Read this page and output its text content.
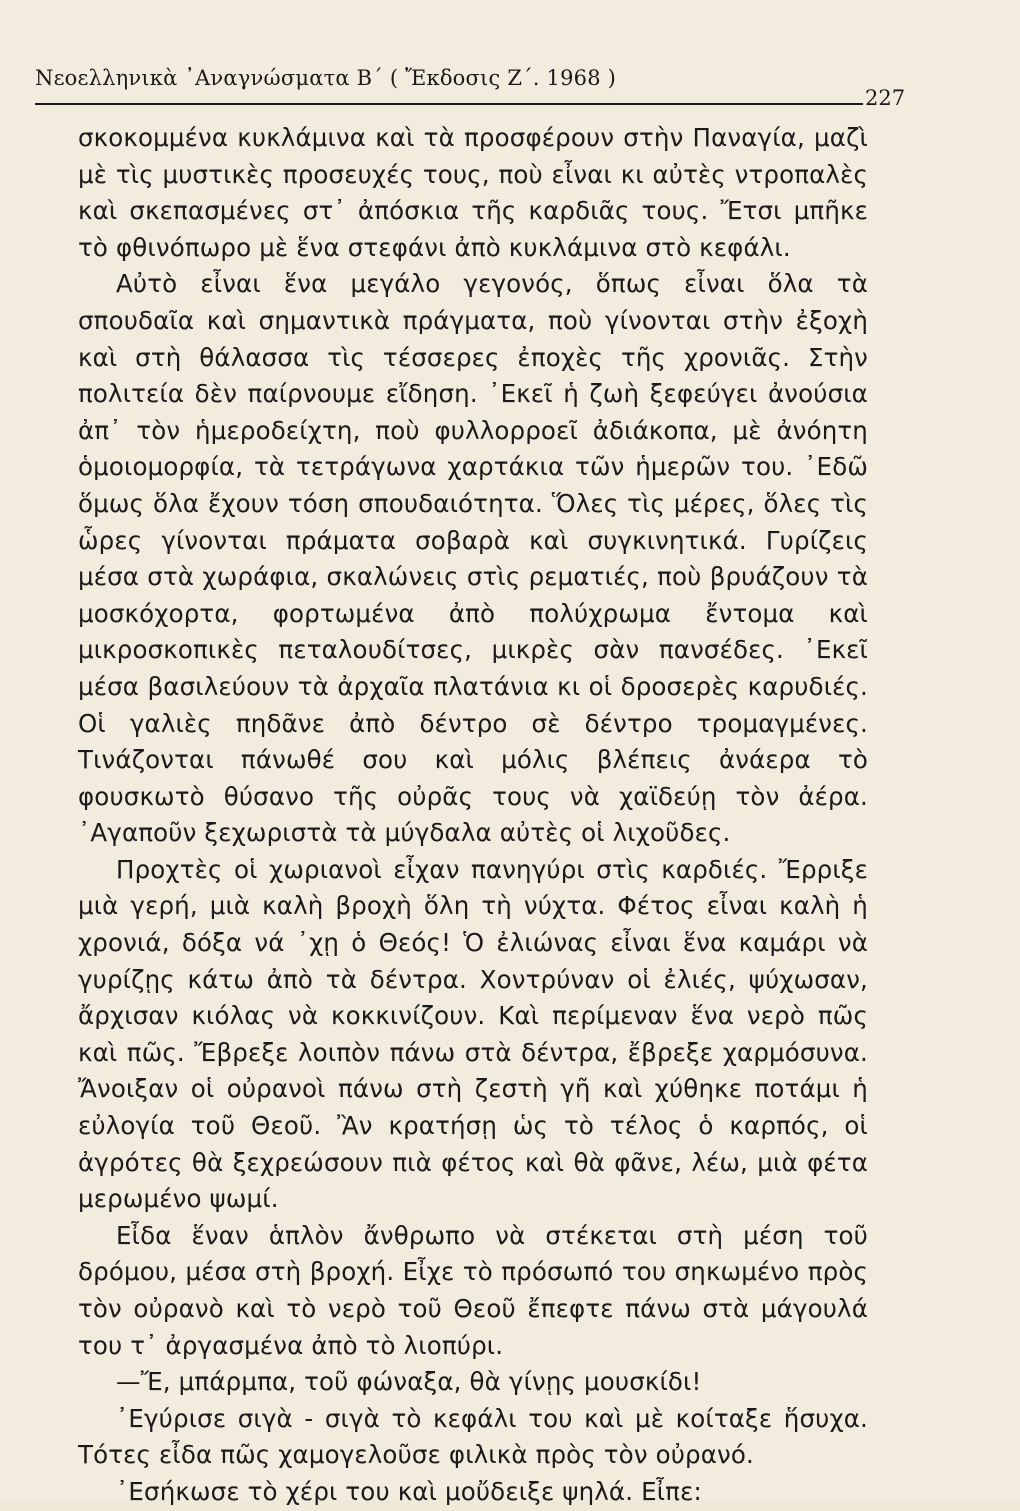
Νεοελληνικὰ ᾿Αναγνώσματα Β΄ ( Ἔκδοσις Ζ΄. 1968 )
227

σκοκομμένα κυκλάμινα καὶ τὰ προσφέρουν στὴν Παναγία, μαζὶ μὲ τὶς μυστικὲς προσευχές τους, ποὺ εἶναι κι αὐτὲς ντροπαλὲς καὶ σκεπασμένες στ᾿ ἀπόσκια τῆς καρδιᾶς τους. Ἔτσι μπῆκε τὸ φθινόπωρο μὲ ἕνα στεφάνι ἀπὸ κυκλάμινα στὸ κεφάλι.

Αὐτὸ εἶναι ἕνα μεγάλο γεγονός, ὅπως εἶναι ὅλα τὰ σπουδαῖα καὶ σημαντικὰ πράγματα, ποὺ γίνονται στὴν ἐξοχὴ καὶ στὴ θάλασσα τὶς τέσσερες ἐποχὲς τῆς χρονιᾶς. Στὴν πολιτεία δὲν παίρνουμε εἴδηση. ᾿Εκεῖ ἡ ζωὴ ξεφεύγει ἀνούσια ἀπ᾿ τὸν ἡμεροδείχτη, ποὺ φυλλορροεῖ ἀδιάκοπα, μὲ ἀνόητη ὁμοιομορφία, τὰ τετράγωνα χαρτάκια τῶν ἡμερῶν του. ᾿Εδῶ ὅμως ὅλα ἔχουν τόση σπουδαιότητα. Ὅλες τὶς μέρες, ὅλες τὶς ὧρες γίνονται πράματα σοβαρὰ καὶ συγκινητικά. Γυρίζεις μέσα στὰ χωράφια, σκαλώνεις στὶς ρεματιές, ποὺ βρυάζουν τὰ μοσκόχορτα, φορτωμένα ἀπὸ πολύχρωμα ἔντομα καὶ μικροσκοπικὲς πεταλουδίτσες, μικρὲς σὰν πανσέδες. ᾿Εκεῖ μέσα βασιλεύουν τὰ ἀρχαῖα πλατάνια κι οἱ δροσερὲς καρυδιές. Οἱ γαλιὲς πηδᾶνε ἀπὸ δέντρο σὲ δέντρο τρομαγμένες. Τινάζονται πάνωθέ σου καὶ μόλις βλέπεις ἀνάερα τὸ φουσκωτὸ θύσανο τῆς οὐρᾶς τους νὰ χαϊδεύῃ τὸν ἀέρα. ᾿Αγαποῦν ξεχωριστὰ τὰ μύγδαλα αὐτὲς οἱ λιχοῦδες.

Προχτὲς οἱ χωριανοὶ εἶχαν πανηγύρι στὶς καρδιές. Ἔρριξε μιὰ γερή, μιὰ καλὴ βροχὴ ὅλη τὴ νύχτα. Φέτος εἶναι καλὴ ἡ χρονιά, δόξα νά ᾿χῃ ὁ Θεός! Ὁ ἐλιώνας εἶναι ἕνα καμάρι νὰ γυρίζῃς κάτω ἀπὸ τὰ δέντρα. Χοντρύναν οἱ ἐλιές, ψύχωσαν, ἄρχισαν κιόλας νὰ κοκκινίζουν. Καὶ περίμεναν ἕνα νερὸ πῶς καὶ πῶς. Ἔβρεξε λοιπὸν πάνω στὰ δέντρα, ἔβρεξε χαρμόσυνα. Ἄνοιξαν οἱ οὐρανοὶ πάνω στὴ ζεστὴ γῆ καὶ χύθηκε ποτάμι ἡ εὐλογία τοῦ Θεοῦ. Ἂν κρατήσῃ ὡς τὸ τέλος ὁ καρπός, οἱ ἀγρότες θὰ ξεχρεώσουν πιὰ φέτος καὶ θὰ φᾶνε, λέω, μιὰ φέτα μερωμένο ψωμί.

Εἶδα ἕναν ἁπλὸν ἄνθρωπο νὰ στέκεται στὴ μέση τοῦ δρόμου, μέσα στὴ βροχή. Εἶχε τὸ πρόσωπό του σηκωμένο πρὸς τὸν οὐρανὸ καὶ τὸ νερὸ τοῦ Θεοῦ ἔπεφτε πάνω στὰ μάγουλά του τ᾿ ἀργασμένα ἀπὸ τὸ λιοπύρι.

—Ἔ, μπάρμπα, τοῦ φώναξα, θὰ γίνῃς μουσκίδι!

᾿Εγύρισε σιγὰ - σιγὰ τὸ κεφάλι του καὶ μὲ κοίταξε ἥσυχα. Τότες εἶδα πῶς χαμογελοῦσε φιλικὰ πρὸς τὸν οὐρανό.

᾿Εσήκωσε τὸ χέρι του καὶ μοὔδειξε ψηλά. Εἶπε:
